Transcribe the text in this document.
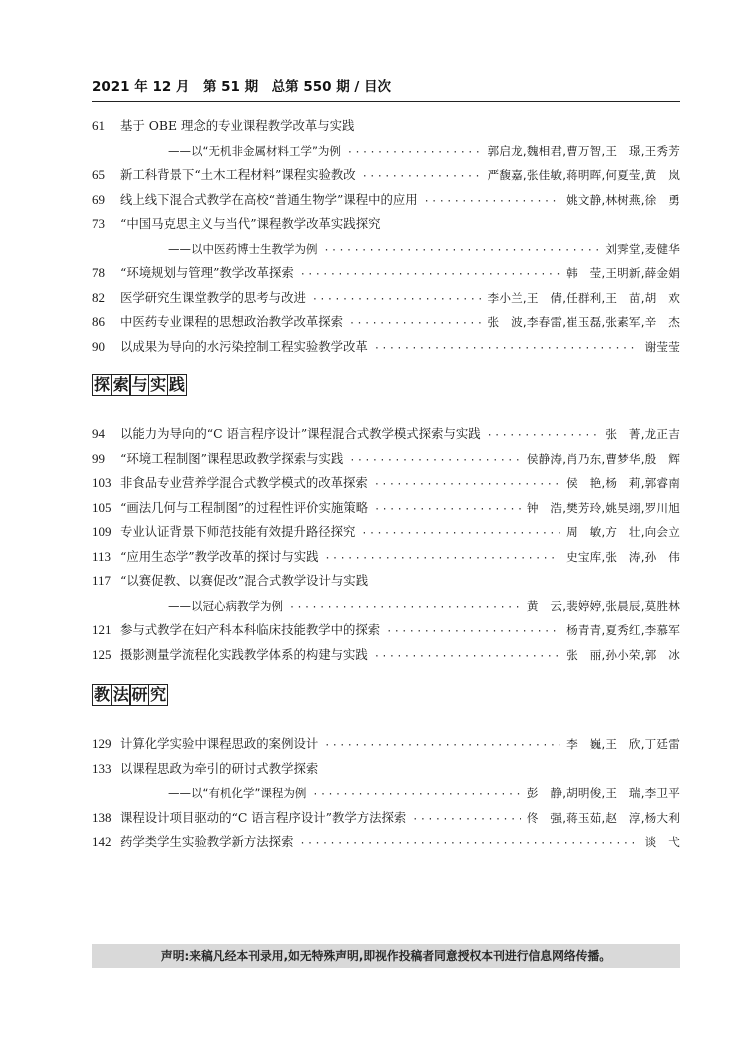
2021 年 12 月　第 51 期　总第 550 期 / 目次
61	基于 OBE 理念的专业课程教学改革与实践
——以“无机非金属材料工学”为例 ·····	郭启龙,魏相君,曹万智,王　璟,王秀芳
65	新工科背景下“土木工程材料”课程实验教改 ·····	严馥嘉,张佳敏,蒋明晖,何夏莹,黄　岚
69	线上线下混合式教学在高校“普通生物学”课程中的应用 ·····	姚文静,林树燕,徐　勇
73	“中国马克思主义与当代”课程教学改革实践探究
——以中医药博士生教学为例 ·····	刘霁堂,麦健华
78	“环境规划与管理”教学改革探索 ·····	韩　莹,王明新,薛金娟
82	医学研究生课堂教学的思考与改进 ·····	李小兰,王　倩,任群利,王　苗,胡　欢
86	中医药专业课程的思想政治教学改革探索 ·····	张　波,李春雷,崔玉磊,张素军,辛　杰
90	以成果为导向的水污染控制工程实验教学改革 ·····	谢莹莹
探 索 与 实 践
94	以能力为导向的“C 语言程序设计”课程混合式教学模式探索与实践 ·····	张　菁,龙正吉
99	“环境工程制图”课程思政教学探索与实践 ·····	侯静涛,肖乃东,曹梦华,殷　辉
103 非食品专业营养学混合式教学模式的改革探索 ·····	侯　艳,杨　莉,郭睿南
105 “画法几何与工程制图”的过程性评价实施策略 ·····	钟　浩,樊芳玲,姚昊翊,罗川旭
109 专业认证背景下师范技能有效提升路径探究 ·····	周　敏,方　壮,向会立
113 “应用生态学”教学改革的探讨与实践 ·····	史宝库,张　涛,孙　伟
117 “以赛促教、以赛促改”混合式教学设计与实践
——以冠心病教学为例 ·····	黄　云,裴婷婷,张晨辰,莫胜林
121 参与式教学在妇产科本科临床技能教学中的探索 ·····	杨青青,夏秀红,李慕军
125 摄影测量学流程化实践教学体系的构建与实践 ·····	张　丽,孙小荣,郭　冰
教 法 研 究
129 计算化学实验中课程思政的案例设计 ·····	李　巍,王　欣,丁廷雷
133 以课程思政为牵引的研讨式教学探索
——以“有机化学”课程为例 ·····	彭　静,胡明俊,王　瑞,李卫平
138 课程设计项目驱动的“C 语言程序设计”教学方法探索 ·····	佟　强,蒋玉茹,赵　淳,杨大利
142 药学类学生实验教学新方法探索 ·····	谈　弋
声明:来稿凡经本刊录用,如无特殊声明,即视作投稿者同意授权本刊进行信息网络传播。
